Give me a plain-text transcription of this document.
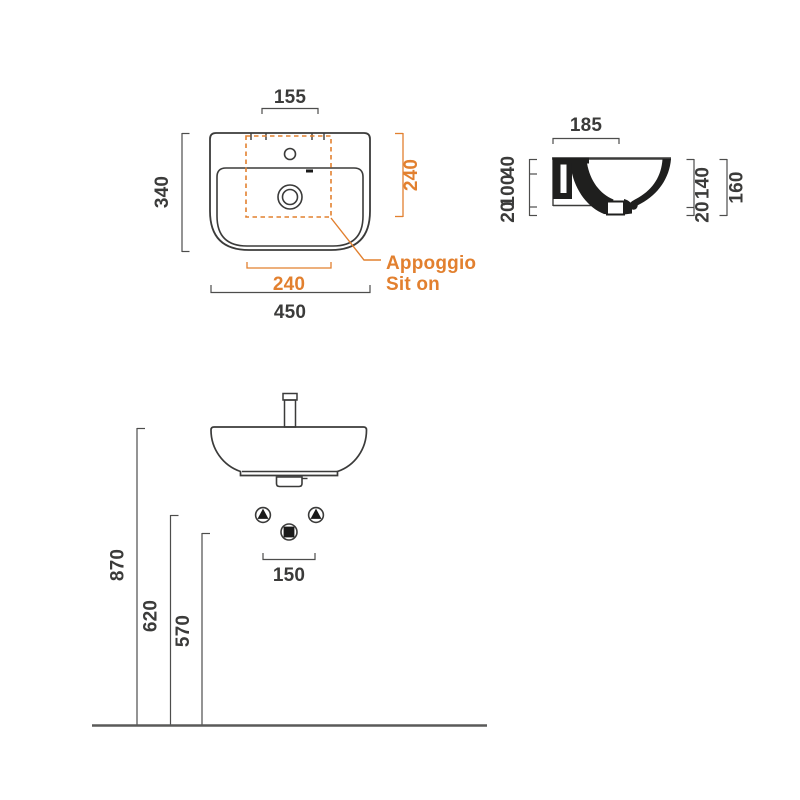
Appoggio
Sit on
155
340
240
240
450
185
40
100
20
140
20
160
150
870
620 570
